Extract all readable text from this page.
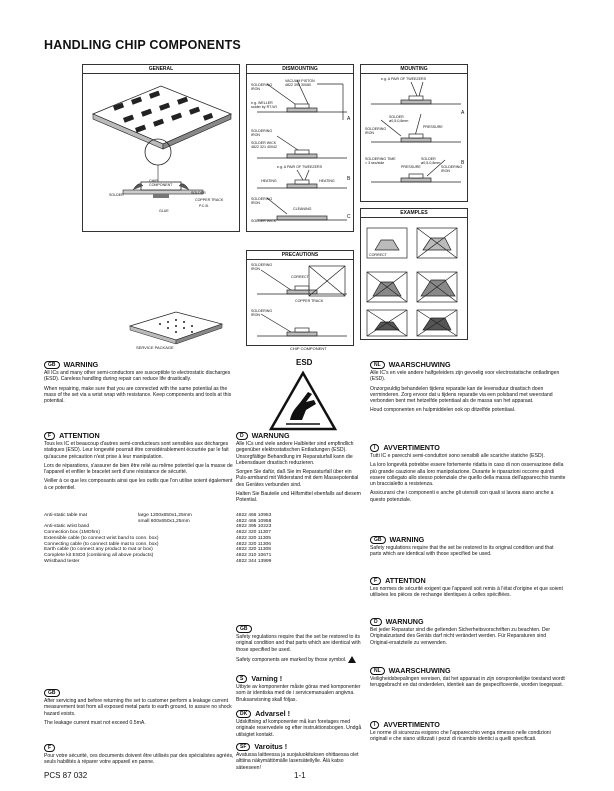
HANDLING CHIP COMPONENTS
GENERAL
CHIP COMPONENT
SOLDER	SOLDER
COPPER TRACK
P.C.B.
GLUE
DISMOUNTING
VACUUM PISTON
4822 395 30080
SOLDERING IRON
e.g. WELLER
solder by RT-WI
SOLDERING IRON
SOLDER WICK
4822 321 40042
e.g. A PAIR OF TWEEZERS
HEATING	HEATING
SOLDERING IRON
CLEANING
SOLDER WICK
A
B
C
MOUNTING
e.g. A PAIR OF TWEEZERS
SOLDER
ø0,5-0,8mm
SOLDERING IRON
PRESSURE
SOLDERING TIME
< 3 sec/side
SOLDER
ø0,5-0,8mm
PRESSURE	SOLDERING IRON
A
B
EXAMPLES
CORRECT
PRECAUTIONS
SOLDERING IRON
CORRECT
COPPER TRACK
SOLDERING IRON
CHIP COMPONENT
SERVICE PACKAGE
ESD
GB	WARNING

All ICs and many other semi-conductors are susceptible to electrostatic discharges (ESD). Careless handling during repair can reduce life drastically.

When repairing, make sure that you are connected with the same potential as the mass of the set via a wrist wrap with resistance. Keep components and tools at this potential.

F	ATTENTION

Tous les IC et beaucoup d'autres semi-conducteurs sont sensibles aux décharges statiques (ESD). Leur longevité pourrait être considérablement écourtée par le fait qu'aucune précaution n'est prise à leur manipulation.

Lors de réparations, s'assurer de bien être relié au même potentiel que la masse de l'appareil et enfiler le bracelet serti d'une résistance de sécurité.

Veiller à ce que les composants ainsi que les outils que l'on utilise soient également à ce potentiel.

Anti-static table mat	large 1200x650x1,25mm	4822 466 10953
small 600x650x1,25mm	4822 466 10958
Anti-static wrist band	4822 395 10223
Connection box (1MOhm)	4822 320 11307
Extensible cable (to connect wrist band to conn. box)	4822 320 11305
Connecting cable (to connect table mat to conn. box)	4822 320 11306
Earth cable (to connect any product to mat or box)	4822 320 11308
Complete kit ESD3 (combining all above products)	4822 310 10671
Wristband tester	4822 344 13999
GB

After servicing and before returning the set to customer perform a leakage current measurement test from all exposed metal parts to earth ground, to assure no shock hazard exists.

The leakage current must not exceed 0.5mA.

F

Pour votre sécurité, ces documents doivent être utilisés par des spécialistes agréés, seuls habilités à réparer votre appareil en panne.

D	WARNUNG

Alle ICs und viele andere Halbleiter sind empfindlich gegenüber elektrostatischen Entladungen (ESD). Unsorgfältige Behandlung im Reparaturfall kann die Lebensdauer drastisch reduzieren.

Sorgen Sie dafür, daß Sie im Reparaturfall über ein Puls-armband mit Widerstand mit dem Massepotential des Gerätes verbunden sind.

Halten Sie Bauteile und Hilfsmittel ebenfalls auf diesem Potential.

GB

Safety regulations require that the set be restored to its original condition and that parts which are identical with those specified be used.

Safety components are marked by those symbol.

S	Varning !

Utbyte av komponenter måste göras med komponenter som är identiska med de i servicemanualen angivna. Bruksanvisning skall följas.

DK	Advarsel !

Udskiftning af komponenter må kun foretages med originale reservedele og efter instruktionsbogen. Undgå utilsigtet kontakt.

SF	Varoitus !

Avatussa laitteessa ja suojaluokituksen ohittaessa olet alttiina näkymättömälle lasersäteilylle. Älä katso säteeseen!

NL	WAARSCHUWING

Alle IC's en vele andere halfgeleiders zijn gevoelig voor electrostatische ontladingen (ESD).

Onzorgvuldig behandelen tijdens reparatie kan de levensduur drastisch doen verminderen. Zorg ervoor dat u tijdens reparatie via een polsband met weerstand verbonden bent met hetzelfde potentiaal als de massa van het apparaat.

Houd componenten en hulpmiddelen ook op ditzelfde potentiaal.

I	AVVERTIMENTO

Tutti IC e parecchi semi-conduttori sono sensibili alle scariche statiche (ESD).

La loro longevità potrebbe essere fortemente ridatta in caso di non osservazione della più grande cauzione alla loro manipolazione. Durante le riparazioni occorre quindi essere collegato allo stesso potenziale che quello della massa dell'apparecchio tramite un braccialetto a resistenza.

Assicurarsi che i componenti e anche gli utensili con quali si lavora siano anche a questo potenziale.

GB	WARNING

Safety regulations require that the set be restored to its original condition and that parts which are identical with those specified be used.

F	ATTENTION

Les normes de sécurité exigent que l'appareil soit remis à l'état d'origine et que soient utilisées les pièces de rechange identiques à celles spécifiées.

D	WARNUNG

Bei jeder Reparatur sind die geltenden Sicherheitsvorschriften zu beachten. Der Originalzustand des Geräts darf nicht verändert werden. Für Reparaturen sind Original-ersatzteile zu verwenden.

NL	WAARSCHUWING

Veiligheidsbepalingen vereisen, dat het apparaat in zijn oorspronkelijke toestand wordt teruggebracht en dat onderdelen, identiek aan de gespecificeerde, worden toegepast.

I	AVVERTIMENTO

Le norme di sicurezza esigono che l'apparecchio venga rimesso nelle condizioni originali e che siano utilizzati i pezzi di ricambio identici a quelli specificati.

PCS 87 032	1-1
